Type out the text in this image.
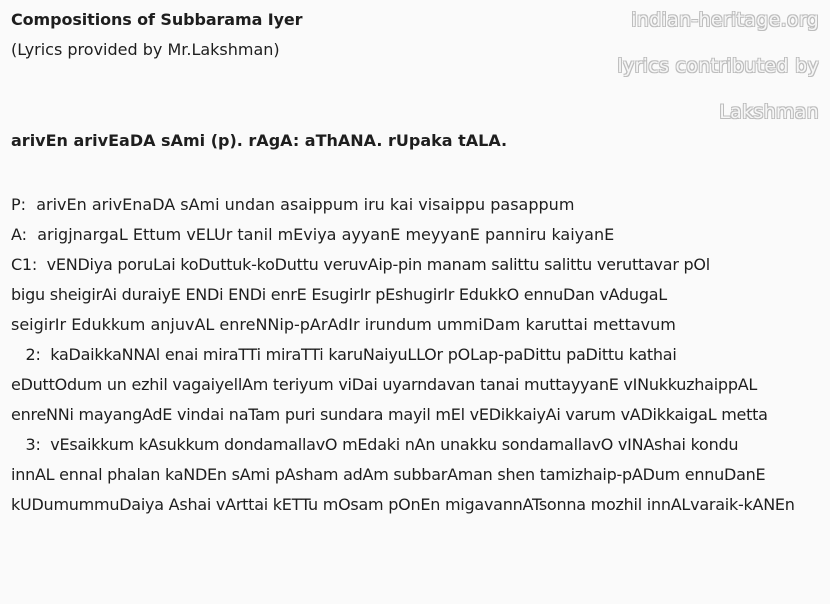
Compositions of Subbarama Iyer
(Lyrics provided by Mr.Lakshman)
indian-heritage.org
lyrics contributed by
Lakshman
arivEn arivEaDA sAmi (p). rAgA: aThANA. rUpaka tALA.
P:  arivEn arivEnaDA sAmi undan asaippum iru kai visaippu pasappum
A:  arigjnargaL Ettum vELUr tanil mEviya ayyanE meyyanE panniru kaiyanE
C1:  vENDiya poruLai koDuttuk-koDuttu veruvAip-pin manam salittu salittu veruttavar pOl
bigu sheigirAi duraiyE ENDi ENDi enrE EsugirIr pEshugirIr EdukkO ennuDan vAdugaL
seigirIr Edukkum anjuvAL enreNNip-pArAdIr irundum ummiDam karuttai mettavum
2:  kaDaikkaNNAl enai miraTTi miraTTi karuNaiyuLLOr pOLap-paDittu paDittu kathai
eDuttOdum un ezhil vagaiyellAm teriyum viDai uyarndavan tanai muttayyanE vINukkuzhaippAL
enreNNi mayangAdE vindai naTam puri sundara mayil mEl vEDikkaiyAi varum vADikkaigaL metta
3:  vEsaikkum kAsukkum dondamallavO mEdaki nAn unakku sondamallavO vINAshai kondu
innAL ennal phalan kaNDEn sAmi pAsham adAm subbarAman shen tamizhaip-pADum ennuDanE
kUDumummuDaiya Ashai vArttai kETTu mOsam pOnEn migavannATsonna mozhil innALvaraik-kANEn
